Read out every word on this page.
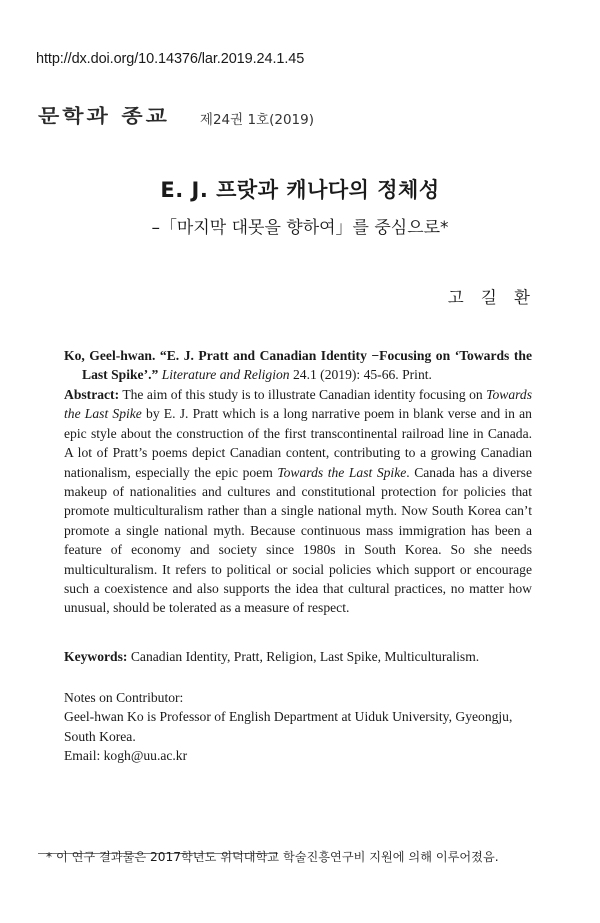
http://dx.doi.org/10.14376/lar.2019.24.1.45
문학과 종교 제24권 1호(2019)
E. J. 프랏과 캐나다의 정체성
–「마지막 대못을 향하여」를 중심으로*
고 길 환
Ko, Geel-hwan. “E. J. Pratt and Canadian Identity −Focusing on ‘Towards the Last Spike’.” Literature and Religion 24.1 (2019): 45-66. Print.
Abstract: The aim of this study is to illustrate Canadian identity focusing on Towards the Last Spike by E. J. Pratt which is a long narrative poem in blank verse and in an epic style about the construction of the first transcontinental railroad line in Canada. A lot of Pratt’s poems depict Canadian content, contributing to a growing Canadian nationalism, especially the epic poem Towards the Last Spike. Canada has a diverse makeup of nationalities and cultures and constitutional protection for policies that promote multiculturalism rather than a single national myth. Now South Korea can’t promote a single national myth. Because continuous mass immigration has been a feature of economy and society since 1980s in South Korea. So she needs multiculturalism. It refers to political or social policies which support or encourage such a coexistence and also supports the idea that cultural practices, no matter how unusual, should be tolerated as a measure of respect.
Keywords: Canadian Identity, Pratt, Religion, Last Spike, Multiculturalism.
Notes on Contributor:
Geel-hwan Ko is Professor of English Department at Uiduk University, Gyeongju, South Korea.
Email: kogh@uu.ac.kr
* 이 연구 결과물은 2017학년도 위덕대학교 학술진흥연구비 지원에 의해 이루어졌음.
